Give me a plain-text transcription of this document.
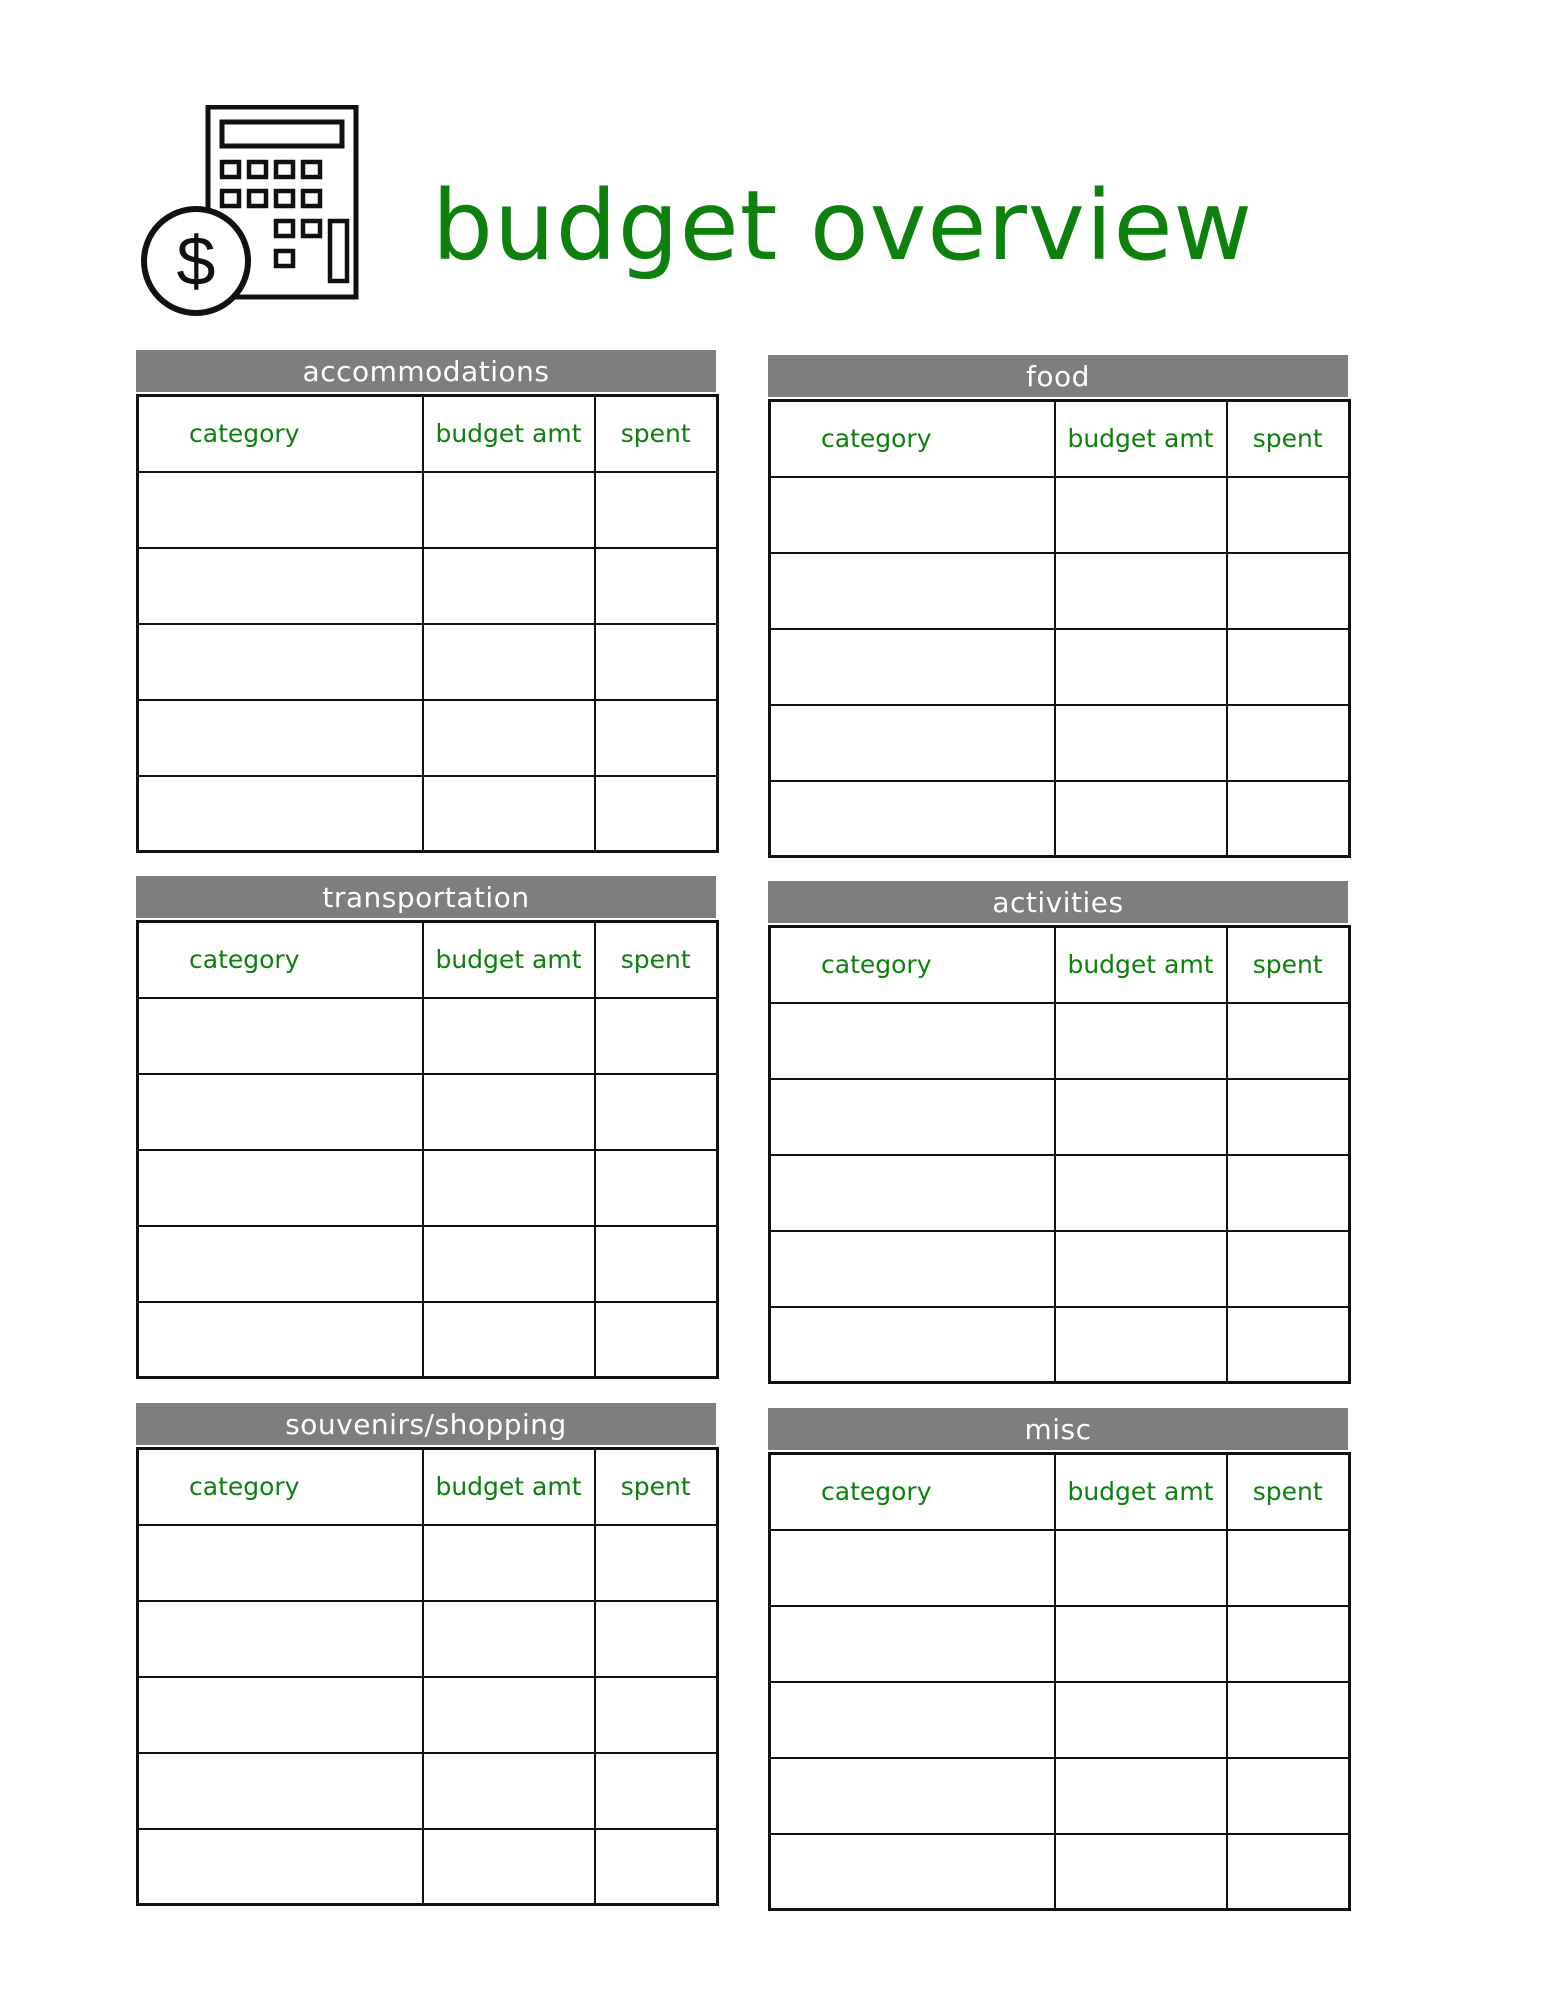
$ budget overview
accommodations
category	budget amt	spent

food
category	budget amt	spent

transportation
category	budget amt	spent

activities
category	budget amt	spent

souvenirs/shopping
category	budget amt	spent

misc
category	budget amt	spent
